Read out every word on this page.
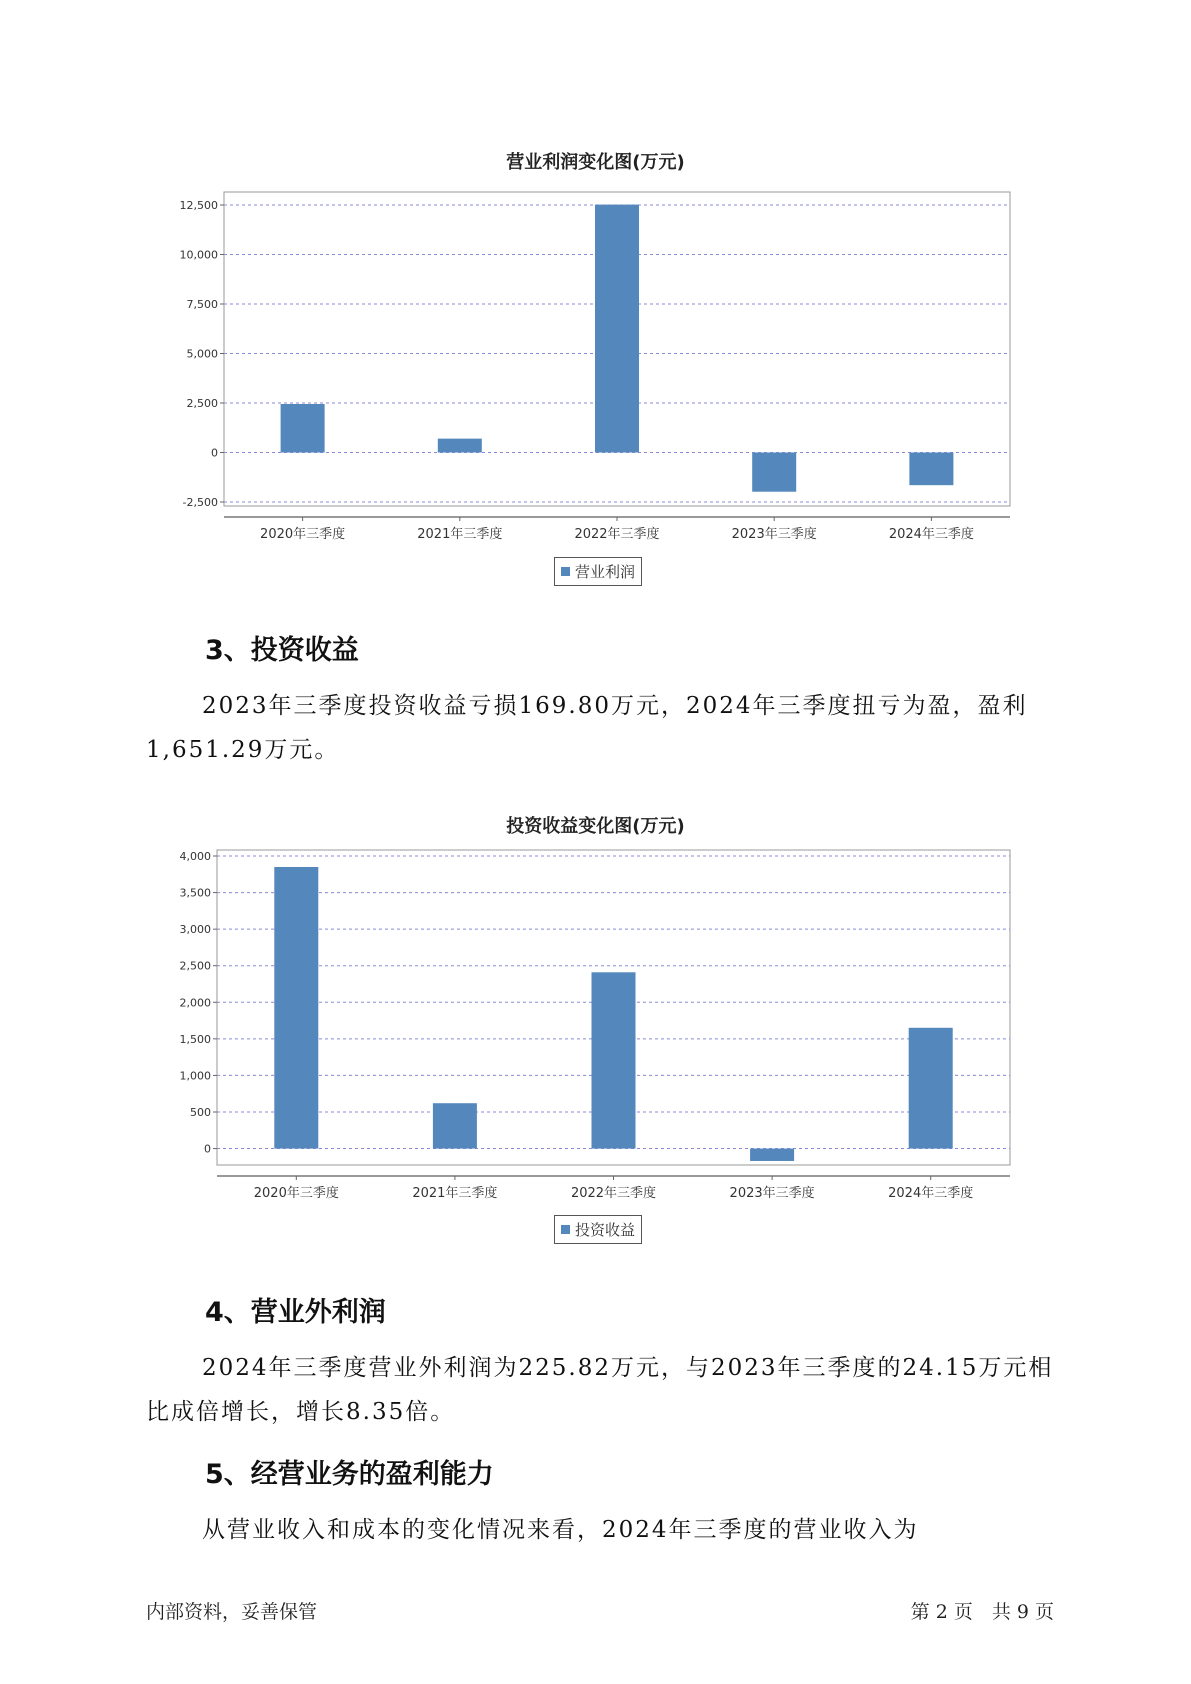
营业利润变化图(万元)
-2,500
0
2,500
5,000
7,500
10,000
12,500
2020年三季度	2021年三季度	2022年三季度	2023年三季度	2024年三季度
营业利润
3、投资收益

2023年三季度投资收益亏损169.80万元，2024年三季度扭亏为盈，盈利1,651.29万元。

投资收益变化图(万元)
0
500
1,000
1,500
2,000
2,500
3,000
3,500
4,000
2020年三季度	2021年三季度	2022年三季度	2023年三季度	2024年三季度
投资收益
4、营业外利润

2024年三季度营业外利润为225.82万元，与2023年三季度的24.15万元相比成倍增长，增长8.35倍。

5、经营业务的盈利能力

从营业收入和成本的变化情况来看，2024年三季度的营业收入为

内部资料，妥善保管	第 2 页　共 9 页
